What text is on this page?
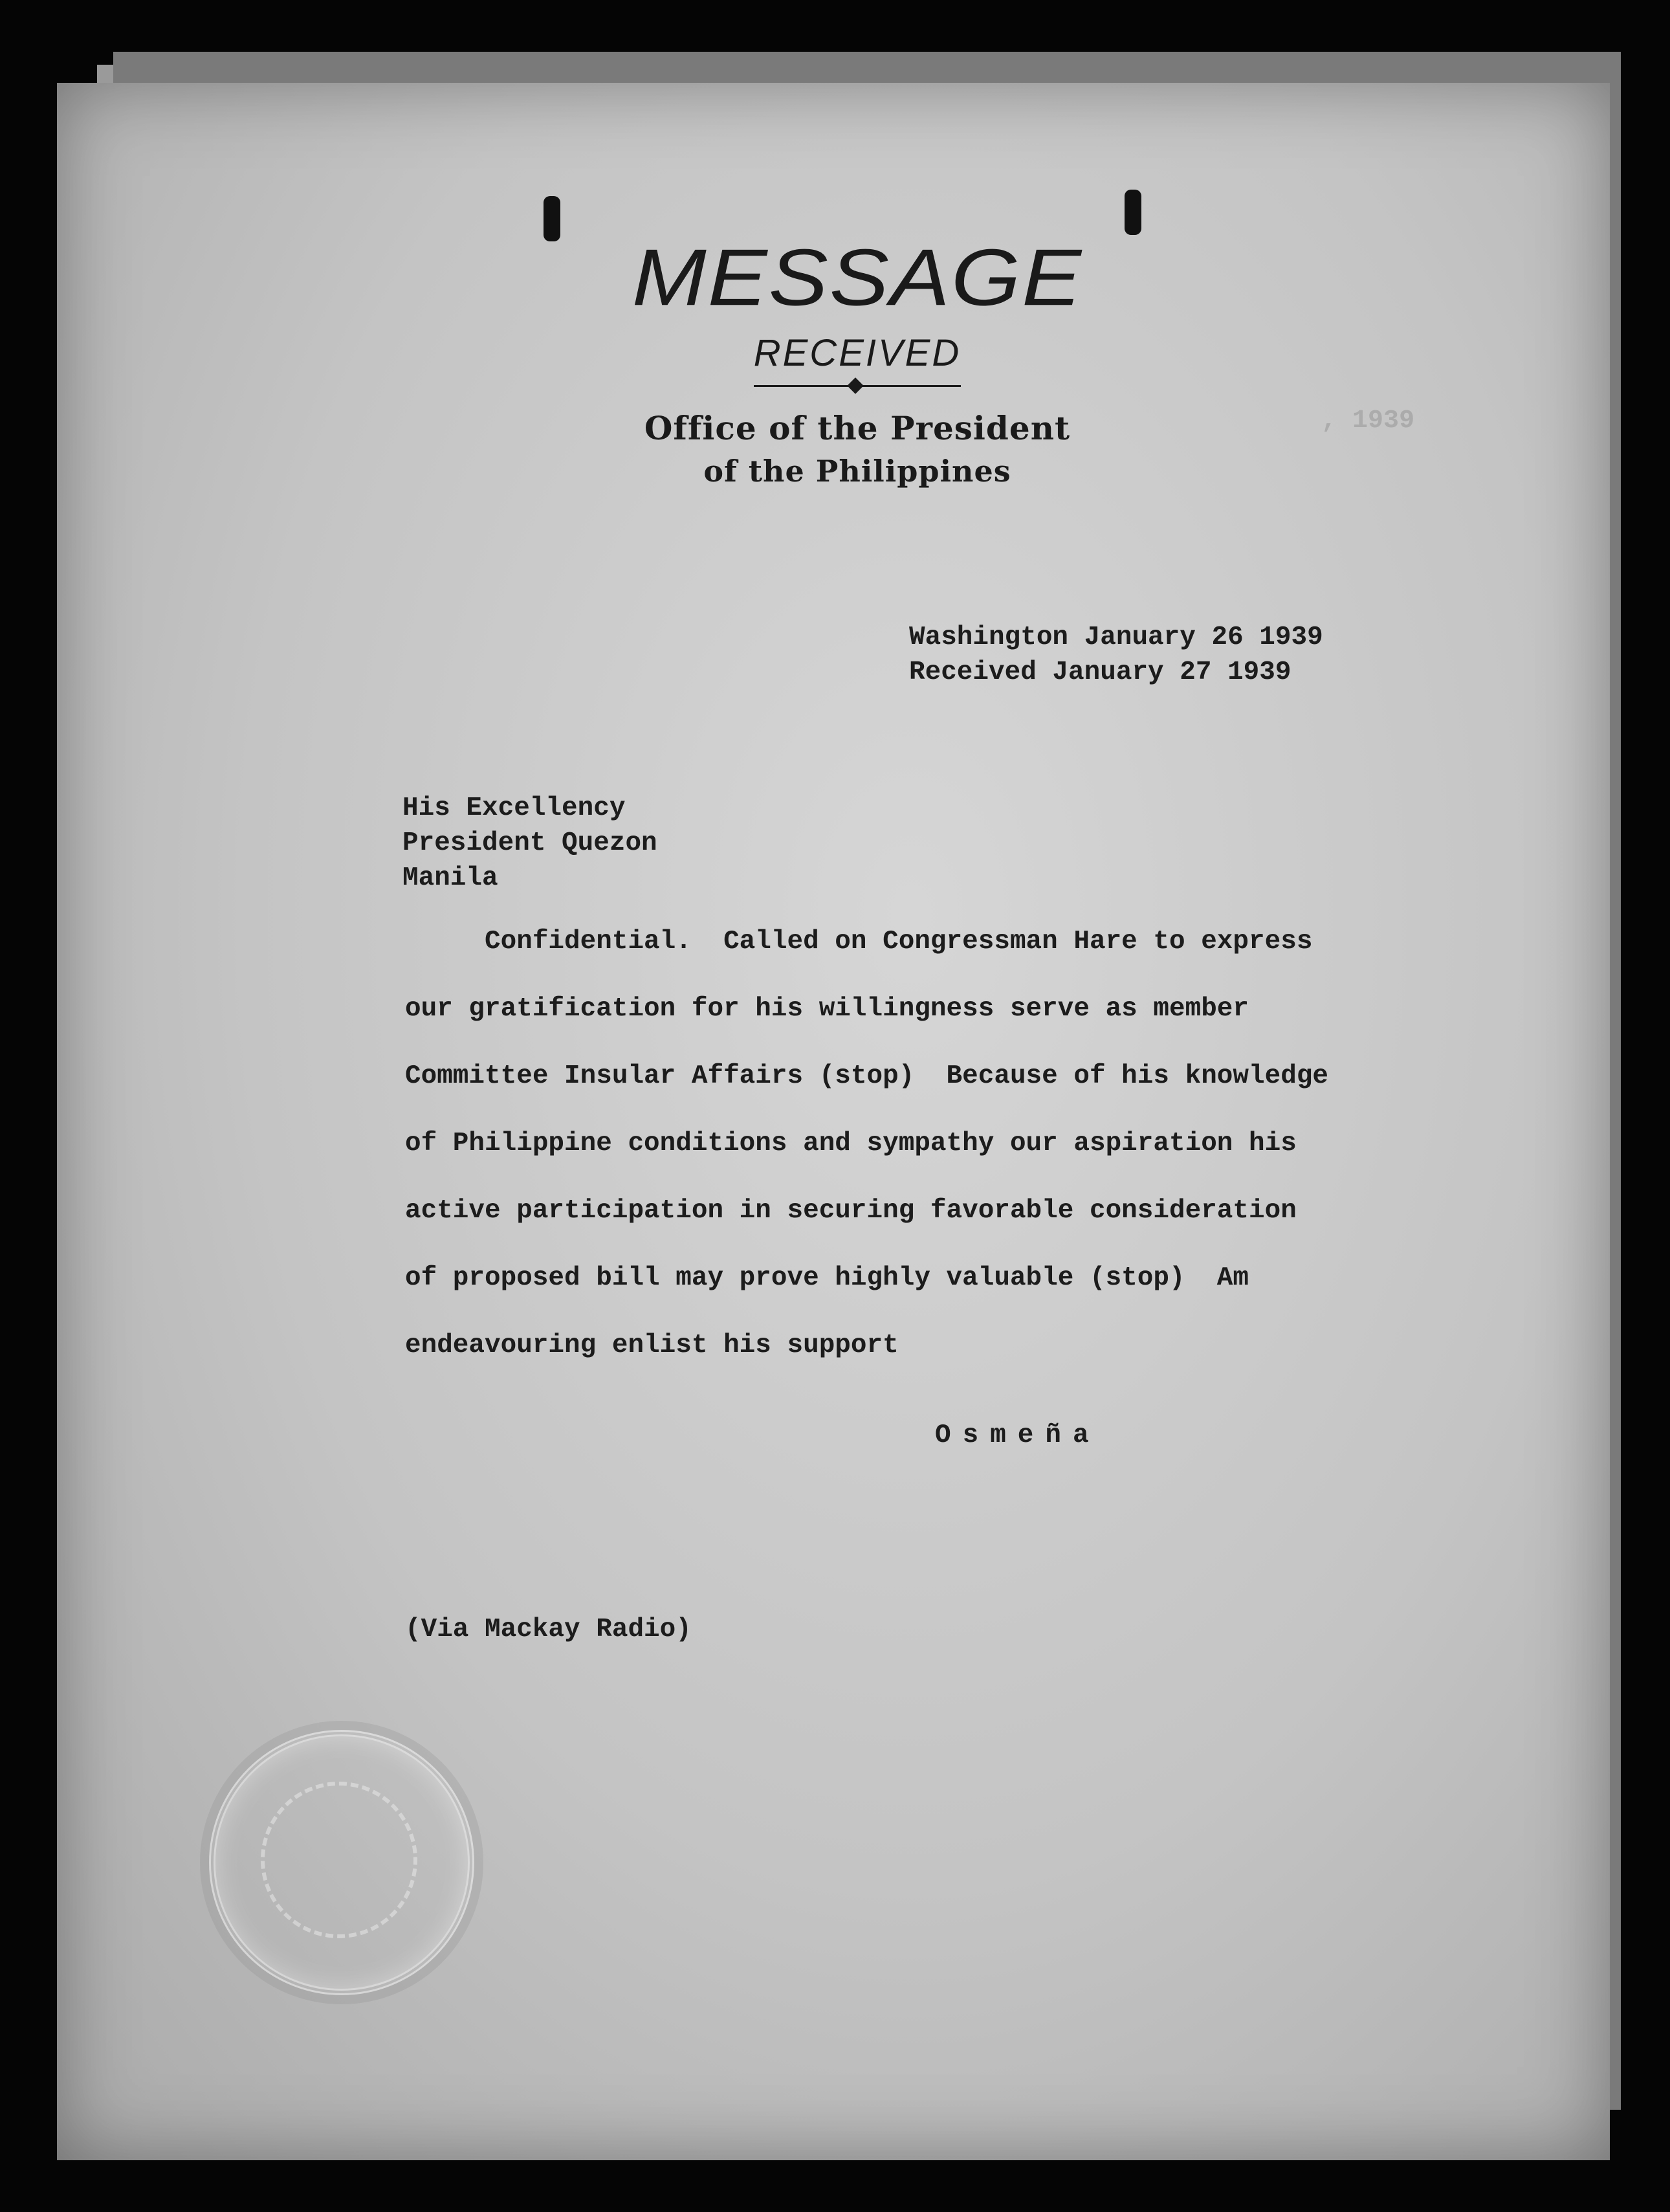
, 1939

MESSAGE
RECEIVED
Office of the President
of the Philippines
Washington January 26 1939
Received January 27 1939
His Excellency
President Quezon
Manila
Confidential.  Called on Congressman Hare to express
our gratification for his willingness serve as member
Committee Insular Affairs (stop)  Because of his knowledge
of Philippine conditions and sympathy our aspiration his
active participation in securing favorable consideration
of proposed bill may prove highly valuable (stop)  Am
endeavouring enlist his support
Osmeña
(Via Mackay Radio)
